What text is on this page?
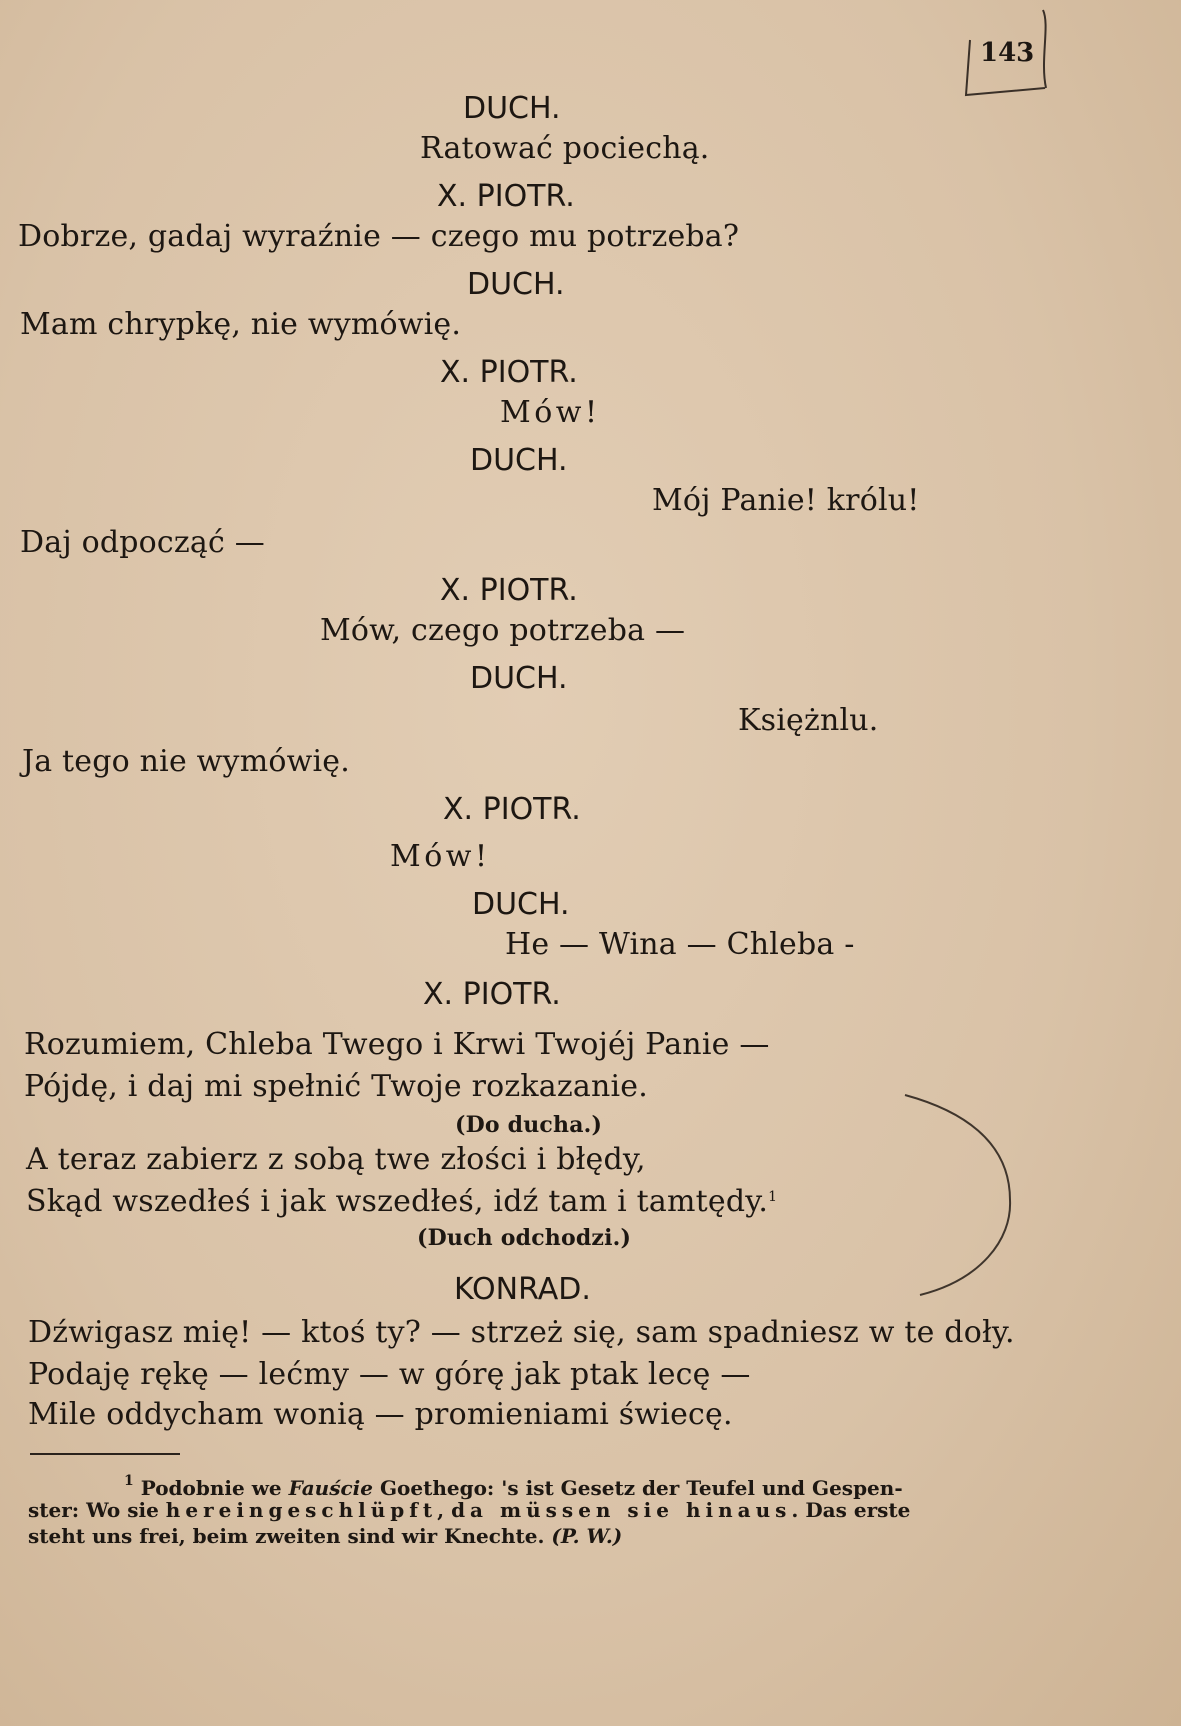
143
DUCH.
Ratować pociechą.
X. PIOTR.
Dobrze, gadaj wyraźnie — czego mu potrzeba?
DUCH.
Mam chrypkę, nie wymówię.
X. PIOTR.
Mów!
DUCH.
Mój Panie! królu!
Daj odpocząć —
X. PIOTR.
Mów, czego potrzeba —
DUCH.
Księżnlu.
Ja tego nie wymówię.
X. PIOTR.
Mów!
DUCH.
He — Wina — Chleba -
X. PIOTR.
Rozumiem, Chleba Twego i Krwi Twojéj Panie —
Pójdę, i daj mi spełnić Twoje rozkazanie.
(Do ducha.)
A teraz zabierz z sobą twe złości i błędy,
Skąd wszedłeś i jak wszedłeś, idź tam i tamtędy.$^1$
(Duch odchodzi.)
KONRAD.
Dźwigasz mię! — ktoś ty? — strzeż się, sam spadniesz w te doły.
Podaję rękę — lećmy — w górę jak ptak lecę —
Mile oddycham wonią — promieniami świecę.
$^1$ Podobnie we Fauście Goethego: 's ist Gesetz der Teufel und Gespen-
ster: Wo sie hereingeschlüpft, da müssen sie hinaus. Das erste
steht uns frei, beim zweiten sind wir Knechte. (P. W.)
